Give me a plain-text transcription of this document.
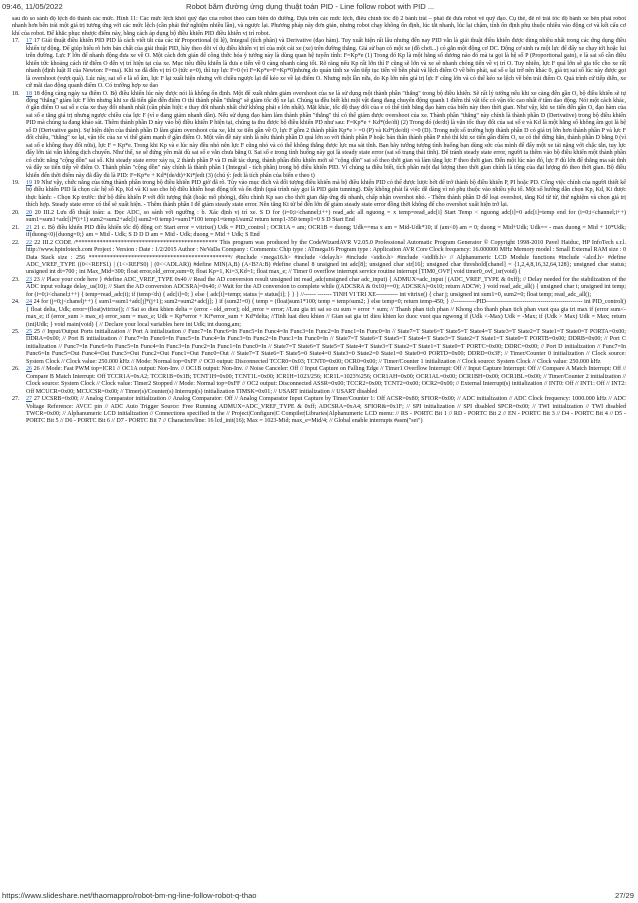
09:46, 11/05/2022	Robot băm đường ứng dụng thuật toán PID - Line follow robot with PID ...

sau đó so sánh độ lệch đó thành các mức. Hình 11: Các mức lệch khỏi quỹ đạo của robot theo cảm biến dò đường. Dựa trên các mức lệch, điều chỉnh tốc độ 2 bánh trái – phải để đưa robot về quỹ đạo. Cụ thể, để rẽ trái tốc độ bánh xe bên phải robot nhanh hơn bên trái một giá trị tương ứng với các mức lệch (cần phải thử nghiệm nhiều lần), và ngược lại. Phương pháp này đơn giản, nhưng robot chạy không ổn định, lúc tắt nhanh, lúc lại chậm, tính ổn định phụ thuộc nhiều vào động cơ và kết cấu cơ khí của robot. Để khắc phục nhược điểm này, bằng cách áp dụng bộ điều khiển PID điều khiển vị trí robot.

17. 17 17 Giải thuật điều khiển PID PID là cách viết tắt của các từ Proportional (tỉ lệ), Integral (tích phân) và Derivative (đạo hàm). Tuy xuất hiện rất lâu nhưng đến nay PID vẫn là giải thuật điều khiển được dùng nhiều nhất trong các ứng dụng điều khiển tự động. Để giúp hiểu rõ hơn bản chất của giải thuật PID, hãy theo dõi ví dụ điều khiển vị trí của một cái xe (xe) trên đường thẳng. Giả sử bạn có một xe (đồ chơi...) có gắn một động cơ DC. Động cơ sinh ra một lực để đẩy xe chạy tới hoặc lui trên đường. Lực F lớn để nhanh động đưa xe về O. Một cách đơn giản để công thức hóa ý tưởng này là dùng quan hệ tuyến tính: F=Kp*e (1) Trong đó Kp là một hằng số dương nào đó mà ta gọi là hệ số P (Proportional gain), e là sai số cần điều khiển tức khoảng cách từ điểm O đến vị trí hiện tại của xe. Mục tiêu điều khiển là đưa e tiến về 0 càng nhanh càng tốt. Rõ ràng nếu Kp rất lớn thì F cũng sẽ lớn và xe sẽ nhanh chóng tiến về vị trí O. Tuy nhiên, lực F quá lớn sẽ gia tốc cho xe rất nhanh (định luật II của Newton: F=ma). Khi xe đã đến vị trí O (tức e=0), thì tuy lực F=0 (vì F=Kp*e=F=Kp*0)nhưng do quán tính xe vẫn tiếp tục tiến về bên phải và lệch điểm O về bên phải, sai số e lại trở nên khác 0, giá trị sai số lúc này được gọi là overshoot (vượt quá). Lúc này, sai số e là số âm, lực F lại xuất hiện nhưng với chiều ngược lại để kéo xe về lại điểm O. Nhưng một lần nữa, do Kp lớn nên giá trị lực F cũng lớn và có thể kéo xe lệch về bên trái điểm O. Quá trình cứ tiếp diễn, xe cứ mãi dao động quanh điểm O. Có trường hợp xe dao

18. 18 18 động càng ngày xa điểm O. Bộ điều khiển lúc này được nói là không ổn định. Một để xuất nhằm giảm overshoot của xe là sử dụng một thành phần "thắng" trong bộ điều khiển. Sẽ rất lý tưởng nếu khi xe càng đến gần O, bộ điều khiển sẽ tự động "thắng" giảm lực F lớn nhưng khi xe đã tiến gần đến điểm O thì thành phần "thắng" sẽ giảm tốc độ xe lại. Chúng ta đều biết khi một vật đang đang chuyển động quanh 1 điểm thì vật tốc có vận tốc cao nhất ở tâm dao động. Nói một cách khác, ở gần điểm O sai số e của xe thay đổi nhanh nhất (cần phân biệt: e thay đổi nhanh nhất chứ không phải e lớn nhất). Mặt khác, tốc độ thay đổi của e có thể tính bằng đạo hàm của biến này theo thời gian. Như vậy, khi xe tiến đến gần O, đạo hàm của sai số e tăng giá trị nhưng ngược chiều của lực F (vì e đang giảm nhanh dần). Nếu sử dụng đạo hàm làm thành phần "thắng" thì có thể giảm được overshoot của xe. Thành phần "thắng" này chính là thành phần D (Derivative) trong bộ điều khiển PID mà chúng ta đang khảo sát. Thêm thành phần D này vào bộ điều khiển P hiện tại, chúng ta thu được bộ điều khiển PD như sau: F=Kp*e + Kd*(de/dt) (2) Trong đó (de/dt) là vận tốc thay đổi của sai số e và Kd là một hằng số không âm gọi là hệ số D (Derivative gain). Sự hiện diện của thành phần D làm giảm overshoot của xe, khi xe tiến gần về O, lực F gồm 2 thành phần Kp*e > =0 (P) và Kd*(de/dt) <=0 (D). Trong một số trường hợp thành phần D có giá trị lớn hơn thành phần P và lực F đổi chiều, "thắng" xe lại, vận tốc của xe vì thế giảm mạnh ở gần điểm O. Một vấn đề nảy sinh là nếu thành phần D quá lớn so với thành phần P hoặc bản thân thành phần P nhỏ thì khi xe tiến gần điểm O, xe có thể dừng hẳn, thành phần D bằng 0 (vì sai số e không thay đổi nữa), lực F = Kp*e. Trong khi Kp và e lúc này đều nhỏ nên lực F cũng nhỏ và có thể không thắng được lực ma sát tĩnh. Bạn hãy tưởng tượng tình huống bạn dùng sức của mình để đẩy một xe tải nặng với chặc tắn, tuy lực đẩy lớn tải vẫn không dịch chuyển. Như thế, xe sẽ đứng yên mãi dù sai số e vẫn chưa bằng 0. Sai số e trong tình huống này gọi là steady state error (sai số trạng thái tĩnh). Để tránh steady state error, người ta thêm vào bộ điều khiển một thành phần có chức năng "cộng dồn" sai số. Khi steady state error xảy ra, 2 thành phần P và D mất tác dụng, thành phần điều khiển mới sẽ "cộng dồn" sai số theo thời gian và làm tăng lực F theo thời gian. Đến một lúc nào đó, lực F đủ lớn để thắng ma sát tĩnh và đẩy xe tiến tiếp về điểm O. Thành phần "cộng dồn" này chính là thành phần I (Integral - tích phân) trong bộ điều khiển PID. Vì chúng ta điều biết, tích phân một đại lượng theo thời gian chính là tổng của đại lượng đó theo thời gian. Bộ điều khiển đến thời điểm này đã đầy đủ là PID: F=Kp*e + Kd*(de/dt)+Ki*∫edt (3) (chú ý: ∫edt là tích phân của biến e theo t)

19. 19 19 Như vậy, chức năng của từng thành phần trong bộ điều khiển PID giờ đã rõ. Tùy vào mục đích và đối tượng điều khiển mà bộ điều khiển PID có thể được lược bớt để trở thành bộ điều khiển P, PI hoặc PD. Công việc chính của người thiết kế bộ điều khiển PID là chọn các hệ số Kp, Kd và Ki sao cho bộ điều khiển hoạt động tốt và ổn định (quá trình này gọi là PID gain tunning). Đây không phải là việc dễ dàng vì nó phụ thuộc vào nhiều yếu tố. Một số hướng dẫn chọn Kp, Kd, Ki được thực hành: - Chọn Kp trước: thử bộ điều khiển P với đối tượng thật (hoặc mô phỏng), điều chỉnh Kp sao cho thời gian đáp ứng đủ nhanh, chấp nhận overshot nhỏ. - Thêm thành phần D để loại overshot, tăng Kd từ từ, thử nghiệm và chọn giá trị thích hợp. Steady state error có thể sẽ xuất hiện. - Thêm thành phần I để giảm steady state error. Nên tăng Ki từ bé đến lớn để giảm steady state error đồng thời không để cho overshot xuất hiện trở lại.

20. 20 20 III.2 Lưu đồ thuật toán: a. Đọc ADC, so sánh với ngưỡng : b. Xác định vị trí xe. S D for (i=0;i<channel;i++) read_adc all nguong = x temp=read_adc[i] Start Temp < nguong adc[i]=0 adc[i]=temp end for (i=0;i<channel;i++) sum1=sum1+adc[i]*(i+1) sum2=sum2+adc[i] sum2=0 temp1=sum1*100 temp1=temp1/sum2 return temp1-350 temp1=0 S D Start End

21. 21 21 c. Bộ điều khiển PID điều khiển tốc độ động cơ: Start error = vitrixe() Udk = PID_control ; OCR1A = am; OCR1B = duong; Udk==ma x am = Mid-Udk*10; if (am<0) am = 0; duong = Mid+Udk; Udk== - max duong = Mid + 10*Udk; if(duong<0){duong=0;} am = Mid - Udk; S D D D am = Mid - Udk; duong = Mid + Udk; S End

22. 22 22 III.2 CODE /*********************************************** This program was produced by the CodeWizardAVR V2.05.0 Professional Automatic Program Generator © Copyright 1998-2010 Pavel Haiduc, HP InfoTech s.r.l. http://www.hpinfotech.com Project : Version : Date : 1/2/2015 Author : NeVaDa Company : Comments: Chip type : ATmega16 Program type : Application AVR Core Clock frequency: 16.000000 MHz Memory model : Small External RAM size : 0 Data Stack size : 256 ***********************************************/ #include <mega16.h> #include <delay.h> #include <stdio.h> #include <stdlib.h> // Alphanumeric LCD Module functions #include <alcd.h> #define ADC_VREF_TYPE ((0<<REFS1) | (1<<REFS0) | (0<<ADLAR)) #define MIN(A,B) (A<B?A:B) #define chanel 8 unsigned int adc[8]; unsigned char str[16]; unsigned char threshold[chanel] = {1,2,4,8,16,32,64,128}; unsigned char status; unsigned int dt=700 ; int Max_Mid=300; float error,old_error,sum=0; float Kp=1, Ki=3,Kd=1; float max_e; // Timer 0 overflow interrupt service routine interrupt [TIM0_OVF] void timer0_ovf_isr(void) {

23. 23 23 // Place your code here } #define ADC_VREF_TYPE 0x40 // Read the AD conversion result unsigned int read_adc(unsigned char adc_input) { ADMUX=adc_input | (ADC_VREF_TYPE & 0xff); // Delay needed for the stabilization of the ADC input voltage delay_us(10); // Start the AD conversion ADCSRA|=0x40; // Wait for the AD conversion to complete while ((ADCSRA & 0x10)==0); ADCSRA|=0x10; return ADCW; } void read_adc_all() { unsigned char i; unsigned int temp; for (i=0;i<chanel;i++) { temp=read_adc(i); if (temp<th) { adc[i]=0; } else { adc[i]=temp; status |= status[i]; } } } //------ ------- TINH VI TRI XE----------- int vitrixe() { char j; unsigned int sum1=0, sum2=0; float temp; read_adc_all();

24. 24 24 for (j=0;j<chanelj++) { sum1=sum1+adc[j]*(j+1); sum2=sum2+adc[j]; } if (sum2!=0) { temp = (float)sum1*100; temp = temp/sum2; } else temp=0; return temp-450; } //-----------PID------------------------------------------------ int PID_control() { float delta, Udk; error=(float)vitrixe(); // Sai so dieu khien delta = (error - old_error); old_error = error; //Luu gia tri sai so cu sum = error + sum; // Thanh phan tich phan // Khong cho thanh phan tich phan vuot qua gia tri max if (error sum<-max_e; if (error_sum > max_e) error_sum = max_e; Udk = Kp*error + Ki*error_sum + Kd*delta; //Tinh luat dieu khien // Gian sat gia tri dieu khien ko duoc vuot qua ngwong if (Udk <-Max) Udk = -Max; if (Udk > Max) Udk = Max; return (int)Udk; } void main(void) { // Declare your local variables here int Udk; int duong,am;

25. 25 25 // Input/Output Ports initialization // Port A initialization // Func7=In Func6=In Func5=In Func4=In Func3=In Func2=In Func1=In Func0=In // State7=T State6=T State5=T State4=T State3=T State2=T State1=T State0=T PORTA=0x00; DDRA=0x00; // Port B initialization // Func7=In Func6=In Func5=In Func4=In Func3=In Func2=In Func1=In Func0=In // State7=T State6=T State5=T State4=T State3=T State2=T State1=T State0=T PORTB=0x00; DDRB=0x00; // Port C initialization // Func7=In Func6=In Func5=In Func4=In Func3=In Func2=In Func1=In Func0=In // State7=T State6=T State5=T State4=T State3=T State2=T State1=T State0=T PORTC=0x00; DDRC=0x00; // Port D initialization // Func7=In Func6=In Func5=Out Func4=Out Func3=Out Func2=Out Func1=Out Func0=Out // State7=T State6=T State5=0 State4=0 State3=0 State2=0 State1=0 State0=0 PORTD=0x00; DDRD=0x3F; // Timer/Counter 0 initialization // Clock source: System Clock // Clock value: 250.000 kHz // Mode: Normal top=0xFF // OC0 output: Disconnected TCCR0=0x03; TCNT0=0x00; OCR0=0x00; // Timer/Counter 1 initialization // Clock source: System Clock // Clock value: 250.000 kHz

26. 26 26 // Mode: Fast PWM top=ICR1 // OC1A output: Non-Inv. // OC1B output: Non-Inv. // Noise Canceler: Off // Input Capture on Falling Edge // Timer1 Overflow Interrupt: Off // Input Capture Interrupt: Off // Compare A Match Interrupt: Off // Compare B Match Interrupt: Off TCCR1A=0xA2; TCCR1B=0x1B; TCNT1H=0x00; TCNT1L=0x00; ICR1H=1023/256; ICR1L=1023%256; OCR1AH=0x00; OCR1AL=0x00; OCR1BH=0x00; OCR1BL=0x00; // Timer/Counter 2 initialization // Clock source: System Clock // Clock value: Timer2 Stopped // Mode: Normal top=0xFF // OC2 output: Disconnected ASSR=0x00; TCCR2=0x00; TCNT2=0x00; OCR2=0x00; // External Interrupt(s) initialization // INT0: Off // INT1: Off // INT2: Off MCUCR=0x00; MCUCSR=0x00; // Timer(s)/Counter(s) Interrupt(s) initialization TIMSK=0x01; // USART initialization // USART disabled

27. 27 27 UCSRB=0x00; // Analog Comparator initialization // Analog Comparator: Off // Analog Comparator Input Capture by Timer/Counter 1: Off ACSR=0x80; SFIOR=0x00; // ADC initialization // ADC Clock frequency: 1000.000 kHz // ADC Voltage Reference: AVCC pin // ADC Auto Trigger Source: Free Running ADMUX=ADC_VREF_TYPE & 0xff; ADCSRA=0xA4; SFIOR&=0x1F; // SPI initialization // SPI disabled SPCR=0x00; // TWI initialization // TWI disabled TWCR=0x00; // Alphanumeric LCD initialization // Connections specified in the // Project|Configure|C Compiler|Libraries|Alphanumeric LCD menu: // RS - PORTC Bit 1 // RD - PORTC Bit 2 // EN - PORTC Bit 3 // D4 - PORTC Bit 4 // D5 - PORTC Bit 5 // D6 - PORTC Bit 6 // D7 - PORTC Bit 7 // Characters/line: 16 lcd_init(16); Max = 1023-Mid; max_e=Mid/4; // Global enable interrupts #asm("sei")

https://www.slideshare.net/thaomappro/robot-bm-ng-line-follow-robot-q-thao	27/29
